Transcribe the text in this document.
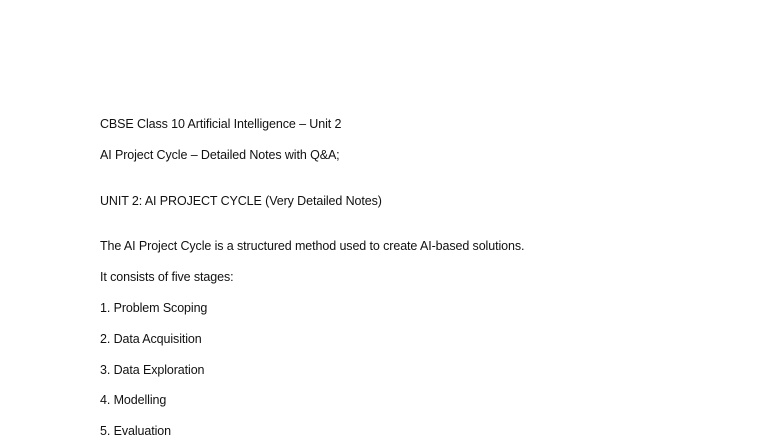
CBSE Class 10 Artificial Intelligence – Unit 2
AI Project Cycle – Detailed Notes with Q&A;
UNIT 2: AI PROJECT CYCLE (Very Detailed Notes)
The AI Project Cycle is a structured method used to create AI-based solutions.
It consists of five stages:
1. Problem Scoping
2. Data Acquisition
3. Data Exploration
4. Modelling
5. Evaluation
